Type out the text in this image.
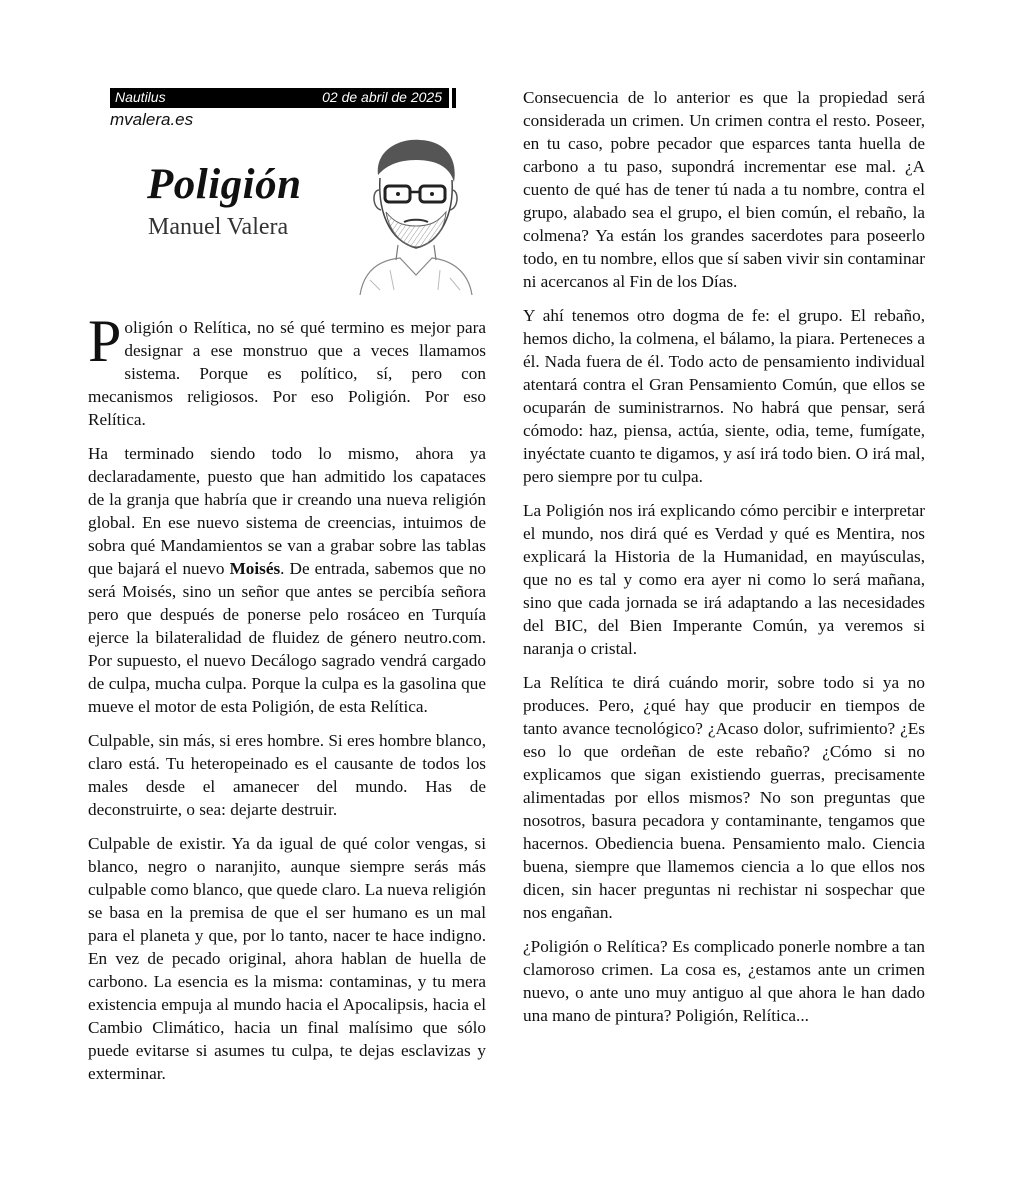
Nautilus	02 de abril de 2025
mvalera.es
Poligión
Manuel Valera

Poligión o Relítica, no sé qué termino es mejor para designar a ese monstruo que a veces llamamos sistema. Porque es político, sí, pero con mecanismos religiosos. Por eso Poligión. Por eso Relítica.

Ha terminado siendo todo lo mismo, ahora ya declaradamente, puesto que han admitido los capataces de la granja que habría que ir creando una nueva religión global. En ese nuevo sistema de creencias, intuimos de sobra qué Mandamientos se van a grabar sobre las tablas que bajará el nuevo Moisés. De entrada, sabemos que no será Moisés, sino un señor que antes se percibía señora pero que después de ponerse pelo rosáceo en Turquía ejerce la bilateralidad de fluidez de género neutro.com. Por supuesto, el nuevo Decálogo sagrado vendrá cargado de culpa, mucha culpa. Porque la culpa es la gasolina que mueve el motor de esta Poligión, de esta Relítica.

Culpable, sin más, si eres hombre. Si eres hombre blanco, claro está. Tu heteropeinado es el causante de todos los males desde el amanecer del mundo. Has de deconstruirte, o sea: dejarte destruir.

Culpable de existir. Ya da igual de qué color vengas, si blanco, negro o naranjito, aunque siempre serás más culpable como blanco, que quede claro. La nueva religión se basa en la premisa de que el ser humano es un mal para el planeta y que, por lo tanto, nacer te hace indigno. En vez de pecado original, ahora hablan de huella de carbono. La esencia es la misma: contaminas, y tu mera existencia empuja al mundo hacia el Apocalipsis, hacia el Cambio Climático, hacia un final malísimo que sólo puede evitarse si asumes tu culpa, te dejas esclavizas y exterminar.

Consecuencia de lo anterior es que la propiedad será considerada un crimen. Un crimen contra el resto. Poseer, en tu caso, pobre pecador que esparces tanta huella de carbono a tu paso, supondrá incrementar ese mal. ¿A cuento de qué has de tener tú nada a tu nombre, contra el grupo, alabado sea el grupo, el bien común, el rebaño, la colmena? Ya están los grandes sacerdotes para poseerlo todo, en tu nombre, ellos que sí saben vivir sin contaminar ni acercanos al Fin de los Días.

Y ahí tenemos otro dogma de fe: el grupo. El rebaño, hemos dicho, la colmena, el bálamo, la piara. Perteneces a él. Nada fuera de él. Todo acto de pensamiento individual atentará contra el Gran Pensamiento Común, que ellos se ocuparán de suministrarnos. No habrá que pensar, será cómodo: haz, piensa, actúa, siente, odia, teme, fumígate, inyéctate cuanto te digamos, y así irá todo bien. O irá mal, pero siempre por tu culpa.

La Poligión nos irá explicando cómo percibir e interpretar el mundo, nos dirá qué es Verdad y qué es Mentira, nos explicará la Historia de la Humanidad, en mayúsculas, que no es tal y como era ayer ni como lo será mañana, sino que cada jornada se irá adaptando a las necesidades del BIC, del Bien Imperante Común, ya veremos si naranja o cristal.

La Relítica te dirá cuándo morir, sobre todo si ya no produces. Pero, ¿qué hay que producir en tiempos de tanto avance tecnológico? ¿Acaso dolor, sufrimiento? ¿Es eso lo que ordeñan de este rebaño? ¿Cómo si no explicamos que sigan existiendo guerras, precisamente alimentadas por ellos mismos? No son preguntas que nosotros, basura pecadora y contaminante, tengamos que hacernos. Obediencia buena. Pensamiento malo. Ciencia buena, siempre que llamemos ciencia a lo que ellos nos dicen, sin hacer preguntas ni rechistar ni sospechar que nos engañan.

¿Poligión o Relítica? Es complicado ponerle nombre a tan clamoroso crimen. La cosa es, ¿estamos ante un crimen nuevo, o ante uno muy antiguo al que ahora le han dado una mano de pintura? Poligión, Relítica...
